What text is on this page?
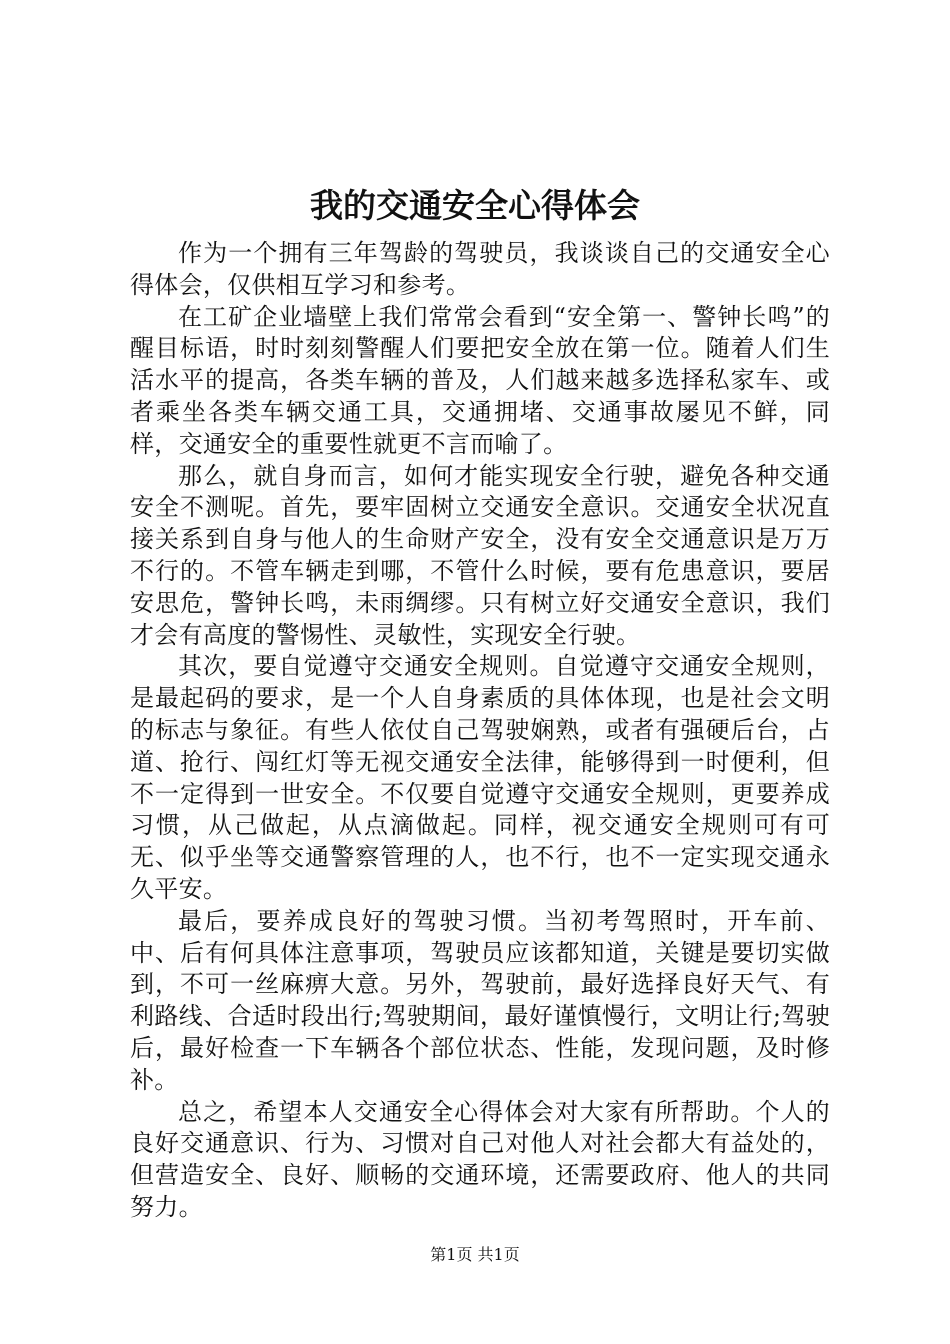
我的交通安全心得体会

作为一个拥有三年驾龄的驾驶员，我谈谈自己的交通安全心得体会，仅供相互学习和参考。

在工矿企业墙壁上我们常常会看到“安全第一、警钟长鸣”的醒目标语，时时刻刻警醒人们要把安全放在第一位。随着人们生活水平的提高，各类车辆的普及，人们越来越多选择私家车、或者乘坐各类车辆交通工具，交通拥堵、交通事故屡见不鲜，同样，交通安全的重要性就更不言而喻了。

那么，就自身而言，如何才能实现安全行驶，避免各种交通安全不测呢。首先，要牢固树立交通安全意识。交通安全状况直接关系到自身与他人的生命财产安全，没有安全交通意识是万万不行的。不管车辆走到哪，不管什么时候，要有危患意识，要居安思危，警钟长鸣，未雨绸缪。只有树立好交通安全意识，我们才会有高度的警惕性、灵敏性，实现安全行驶。

其次，要自觉遵守交通安全规则。自觉遵守交通安全规则，是最起码的要求，是一个人自身素质的具体体现，也是社会文明的标志与象征。有些人依仗自己驾驶娴熟，或者有强硬后台，占道、抢行、闯红灯等无视交通安全法律，能够得到一时便利，但不一定得到一世安全。不仅要自觉遵守交通安全规则，更要养成习惯，从己做起，从点滴做起。同样，视交通安全规则可有可无、似乎坐等交通警察管理的人，也不行，也不一定实现交通永久平安。

最后，要养成良好的驾驶习惯。当初考驾照时，开车前、中、后有何具体注意事项，驾驶员应该都知道，关键是要切实做到，不可一丝麻痹大意。另外，驾驶前，最好选择良好天气、有利路线、合适时段出行;驾驶期间，最好谨慎慢行，文明让行;驾驶后，最好检查一下车辆各个部位状态、性能，发现问题，及时修补。

总之，希望本人交通安全心得体会对大家有所帮助。个人的良好交通意识、行为、习惯对自己对他人对社会都大有益处的，但营造安全、良好、顺畅的交通环境，还需要政府、他人的共同努力。

第1页 共1页
